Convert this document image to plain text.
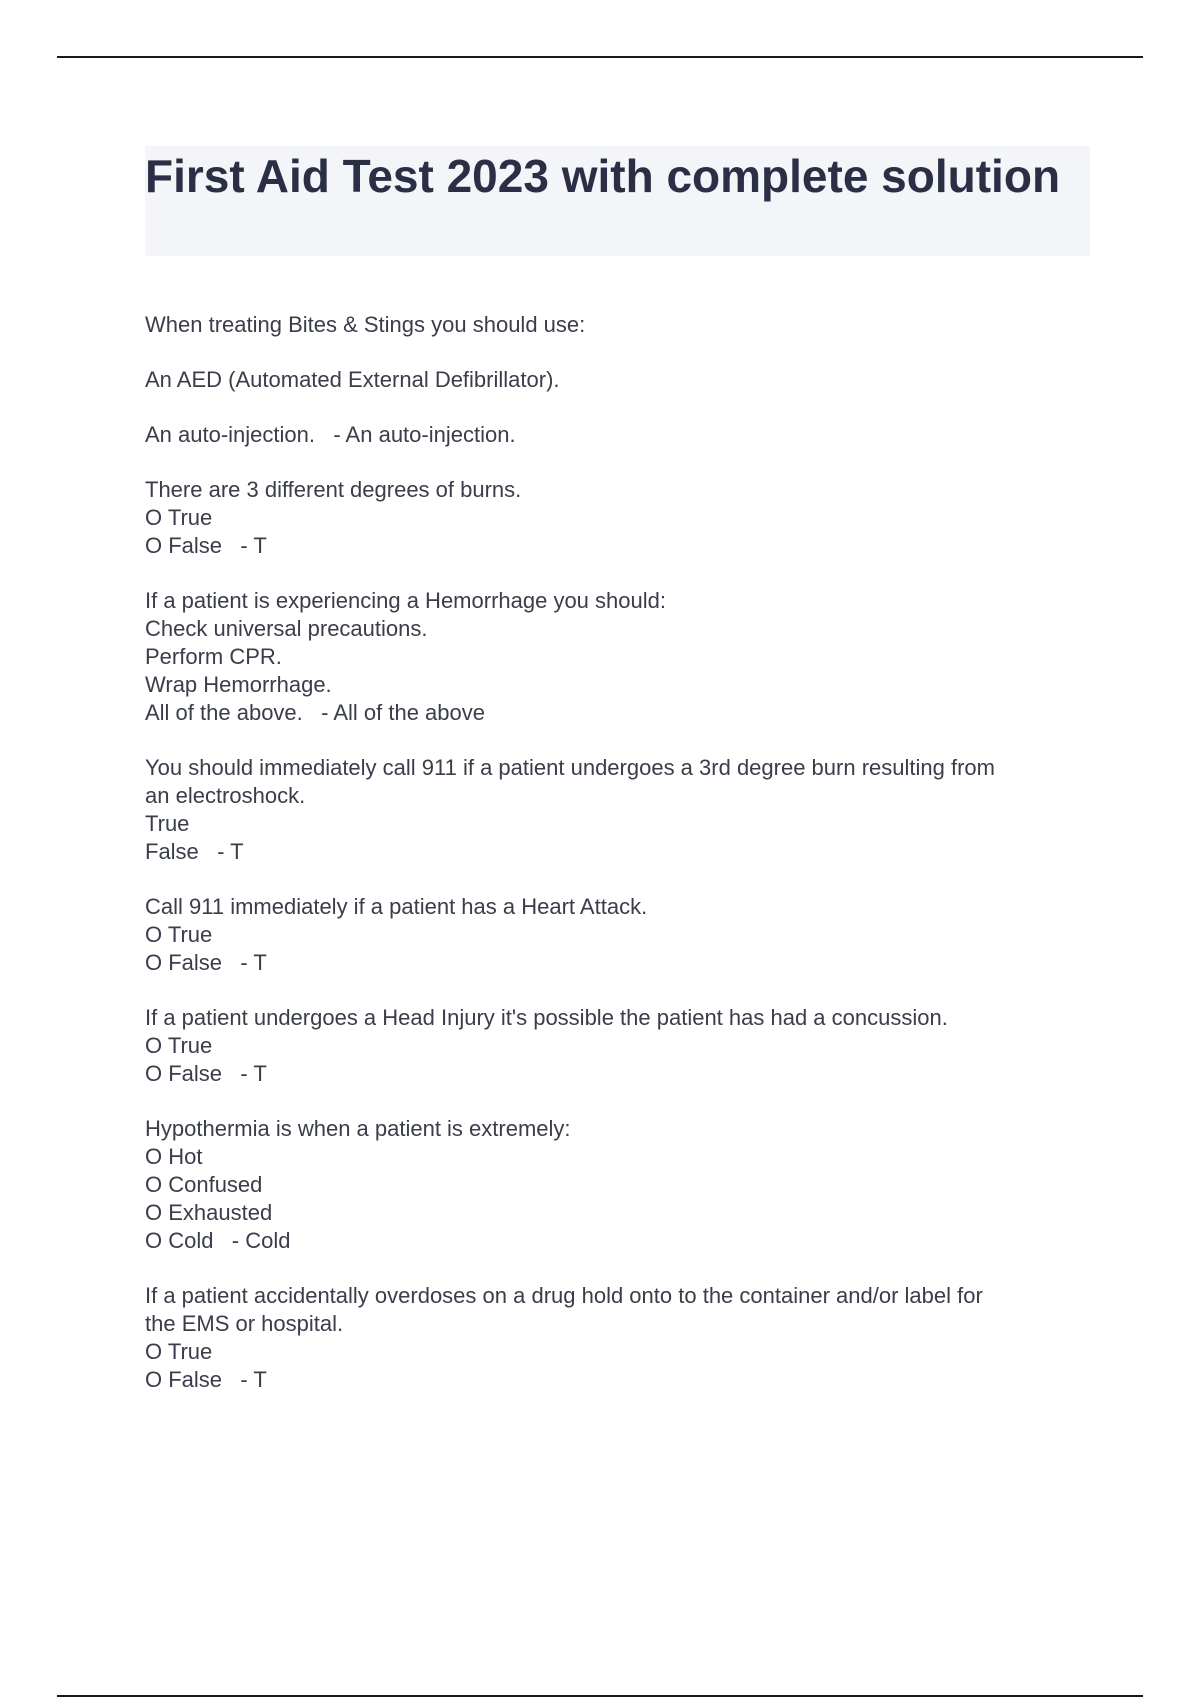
First Aid Test 2023 with complete solution
When treating Bites & Stings you should use:
An AED (Automated External Defibrillator).
An auto-injection.   - An auto-injection.
There are 3 different degrees of burns.
O True
O False   - T
If a patient is experiencing a Hemorrhage you should:
Check universal precautions.
Perform CPR.
Wrap Hemorrhage.
All of the above.   - All of the above
You should immediately call 911 if a patient undergoes a 3rd degree burn resulting from
an electroshock.
True
False   - T
Call 911 immediately if a patient has a Heart Attack.
O True
O False   - T
If a patient undergoes a Head Injury it's possible the patient has had a concussion.
O True
O False   - T
Hypothermia is when a patient is extremely:
O Hot
O Confused
O Exhausted
O Cold   - Cold
If a patient accidentally overdoses on a drug hold onto to the container and/or label for
the EMS or hospital.
O True
O False   - T
